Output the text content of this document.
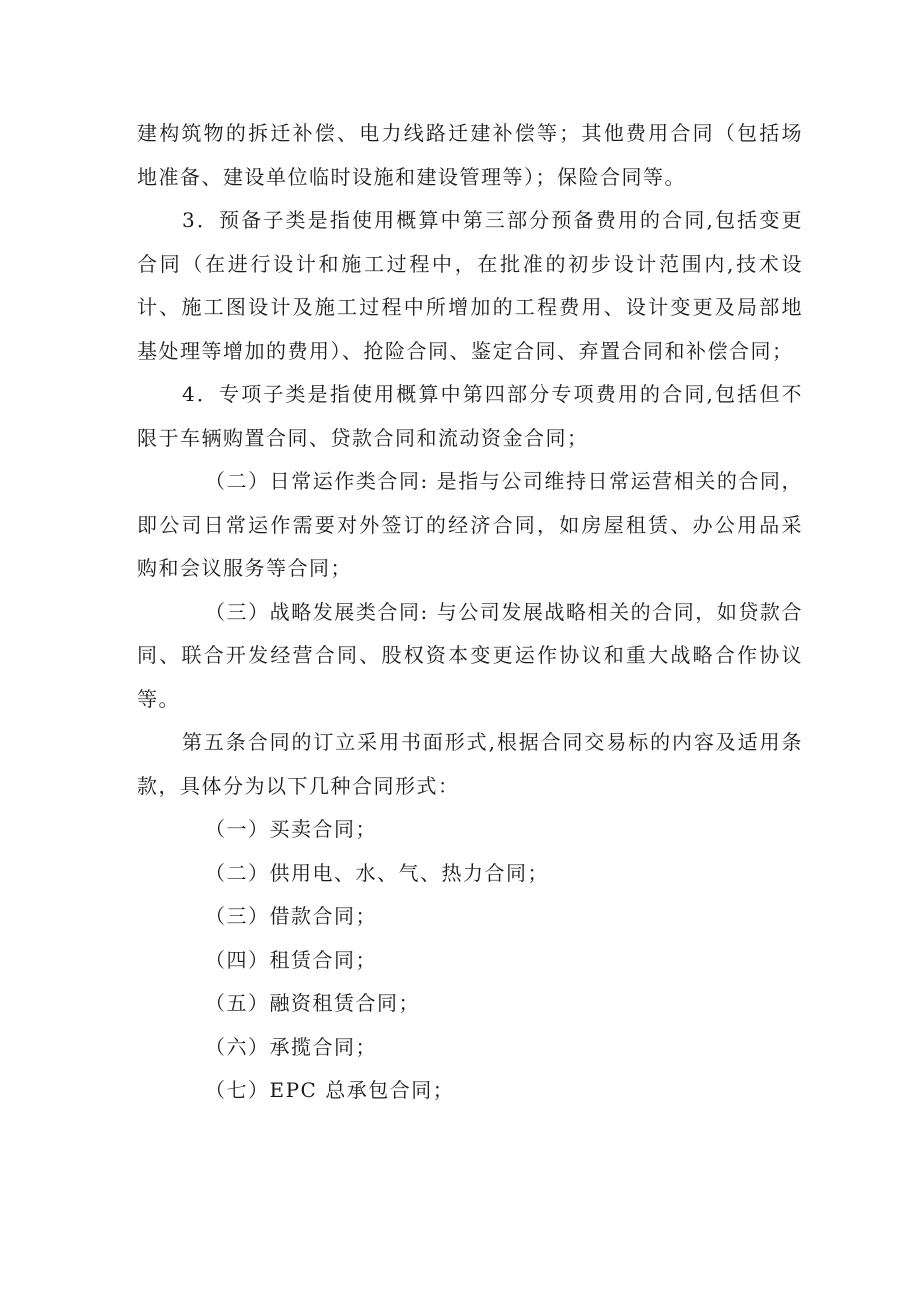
建构筑物的拆迁补偿、电力线路迁建补偿等；其他费用合同（包括场地准备、建设单位临时设施和建设管理等）；保险合同等。

3．预备子类是指使用概算中第三部分预备费用的合同,包括变更合同（在进行设计和施工过程中，在批准的初步设计范围内,技术设计、施工图设计及施工过程中所增加的工程费用、设计变更及局部地基处理等增加的费用）、抢险合同、鉴定合同、弃置合同和补偿合同；

4．专项子类是指使用概算中第四部分专项费用的合同,包括但不限于车辆购置合同、贷款合同和流动资金合同；

（二）日常运作类合同: 是指与公司维持日常运营相关的合同，即公司日常运作需要对外签订的经济合同，如房屋租赁、办公用品采购和会议服务等合同；

（三）战略发展类合同: 与公司发展战略相关的合同，如贷款合同、联合开发经营合同、股权资本变更运作协议和重大战略合作协议等。

第五条合同的订立采用书面形式,根据合同交易标的内容及适用条款，具体分为以下几种合同形式：

（一）买卖合同；

（二）供用电、水、气、热力合同；

（三）借款合同；

（四）租赁合同；

（五）融资租赁合同；

（六）承揽合同；

（七）EPC 总承包合同；
